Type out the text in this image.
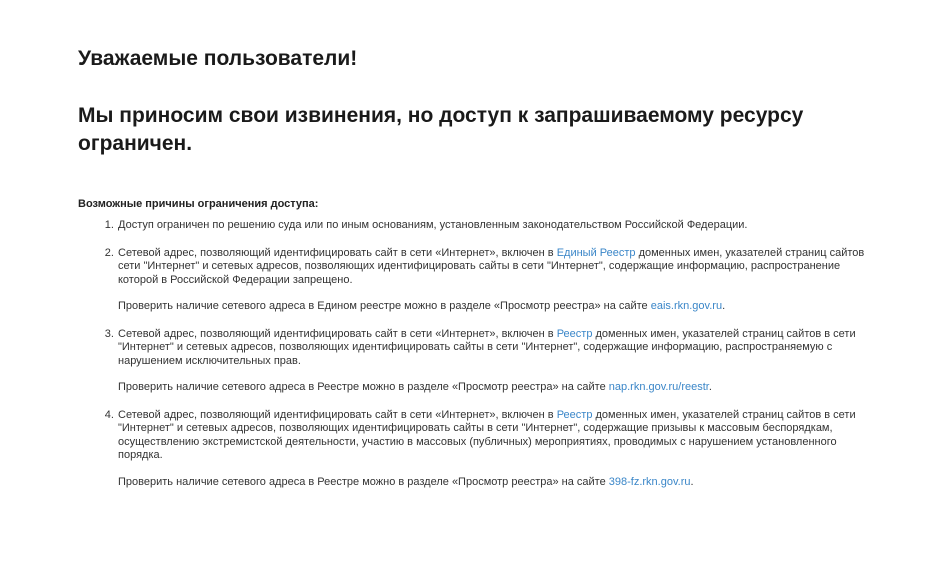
Уважаемые пользователи!
Мы приносим свои извинения, но доступ к запрашиваемому ресурсу ограничен.
Возможные причины ограничения доступа:
1. Доступ ограничен по решению суда или по иным основаниям, установленным законодательством Российской Федерации.
2. Сетевой адрес, позволяющий идентифицировать сайт в сети «Интернет», включен в Единый Реестр доменных имен, указателей страниц сайтов сети "Интернет" и сетевых адресов, позволяющих идентифицировать сайты в сети "Интернет", содержащие информацию, распространение которой в Российской Федерации запрещено.
Проверить наличие сетевого адреса в Едином реестре можно в разделе «Просмотр реестра» на сайте eais.rkn.gov.ru.
3. Сетевой адрес, позволяющий идентифицировать сайт в сети «Интернет», включен в Реестр доменных имен, указателей страниц сайтов в сети "Интернет" и сетевых адресов, позволяющих идентифицировать сайты в сети "Интернет", содержащие информацию, распространяемую с нарушением исключительных прав.
Проверить наличие сетевого адреса в Реестре можно в разделе «Просмотр реестра» на сайте nap.rkn.gov.ru/reestr.
4. Сетевой адрес, позволяющий идентифицировать сайт в сети «Интернет», включен в Реестр доменных имен, указателей страниц сайтов в сети "Интернет" и сетевых адресов, позволяющих идентифицировать сайты в сети "Интернет", содержащие призывы к массовым беспорядкам, осуществлению экстремистской деятельности, участию в массовых (публичных) мероприятиях, проводимых с нарушением установленного порядка.
Проверить наличие сетевого адреса в Реестре можно в разделе «Просмотр реестра» на сайте 398-fz.rkn.gov.ru.
